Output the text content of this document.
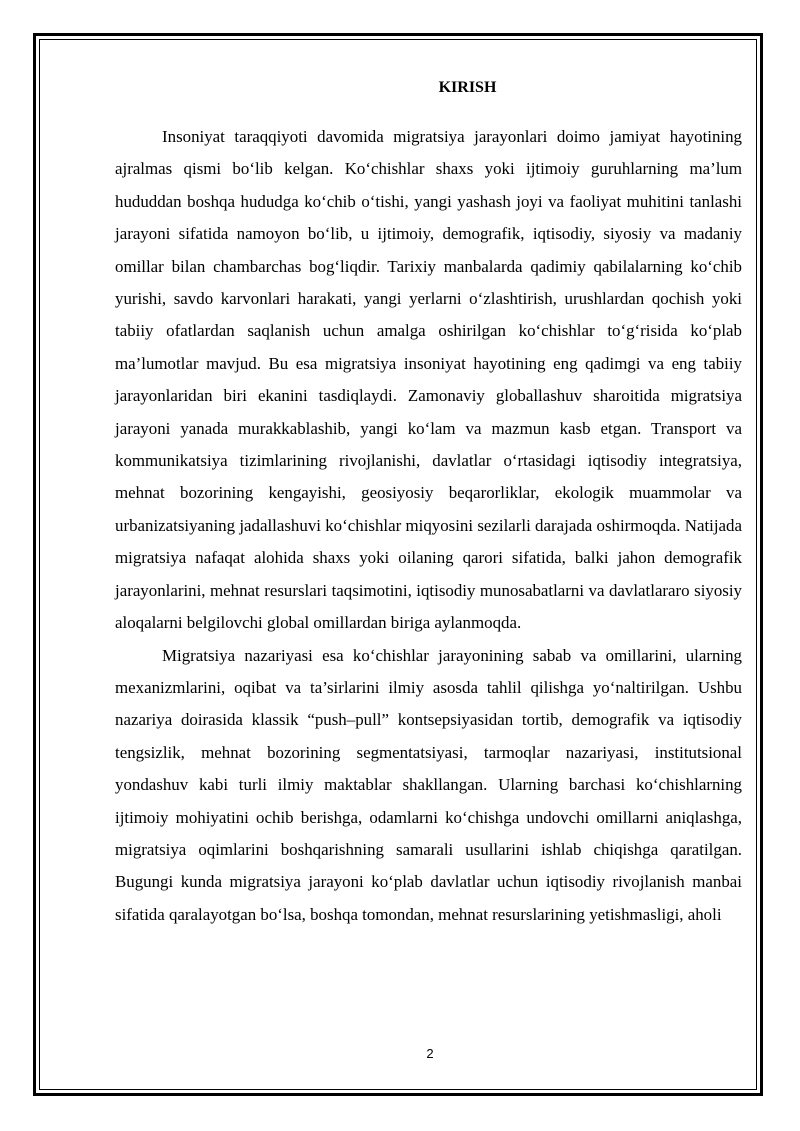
KIRISH

Insoniyat taraqqiyoti davomida migratsiya jarayonlari doimo jamiyat hayotining ajralmas qismi bo‘lib kelgan. Ko‘chishlar shaxs yoki ijtimoiy guruhlarning ma’lum hududdan boshqa hududga ko‘chib o‘tishi, yangi yashash joyi va faoliyat muhitini tanlashi jarayoni sifatida namoyon bo‘lib, u ijtimoiy, demografik, iqtisodiy, siyosiy va madaniy omillar bilan chambarchas bog‘liqdir. Tarixiy manbalarda qadimiy qabilalarning ko‘chib yurishi, savdo karvonlari harakati, yangi yerlarni o‘zlashtirish, urushlardan qochish yoki tabiiy ofatlardan saqlanish uchun amalga oshirilgan ko‘chishlar to‘g‘risida ko‘plab ma’lumotlar mavjud. Bu esa migratsiya insoniyat hayotining eng qadimgi va eng tabiiy jarayonlaridan biri ekanini tasdiqlaydi. Zamonaviy globallashuv sharoitida migratsiya jarayoni yanada murakkablashib, yangi ko‘lam va mazmun kasb etgan. Transport va kommunikatsiya tizimlarining rivojlanishi, davlatlar o‘rtasidagi iqtisodiy integratsiya, mehnat bozorining kengayishi, geosiyosiy beqarorliklar, ekologik muammolar va urbanizatsiyaning jadallashuvi ko‘chishlar miqyosini sezilarli darajada oshirmoqda. Natijada migratsiya nafaqat alohida shaxs yoki oilaning qarori sifatida, balki jahon demografik jarayonlarini, mehnat resurslari taqsimotini, iqtisodiy munosabatlarni va davlatlararo siyosiy aloqalarni belgilovchi global omillardan biriga aylanmoqda.

Migratsiya nazariyasi esa ko‘chishlar jarayonining sabab va omillarini, ularning mexanizmlarini, oqibat va ta’sirlarini ilmiy asosda tahlil qilishga yo‘naltirilgan. Ushbu nazariya doirasida klassik “push–pull” kontsepsiyasidan tortib, demografik va iqtisodiy tengsizlik, mehnat bozorining segmentatsiyasi, tarmoqlar nazariyasi, institutsional yondashuv kabi turli ilmiy maktablar shakllangan. Ularning barchasi ko‘chishlarning ijtimoiy mohiyatini ochib berishga, odamlarni ko‘chishga undovchi omillarni aniqlashga, migratsiya oqimlarini boshqarishning samarali usullarini ishlab chiqishga qaratilgan. Bugungi kunda migratsiya jarayoni ko‘plab davlatlar uchun iqtisodiy rivojlanish manbai sifatida qaralayotgan bo‘lsa, boshqa tomondan, mehnat resurslarining yetishmasligi, aholi

2
